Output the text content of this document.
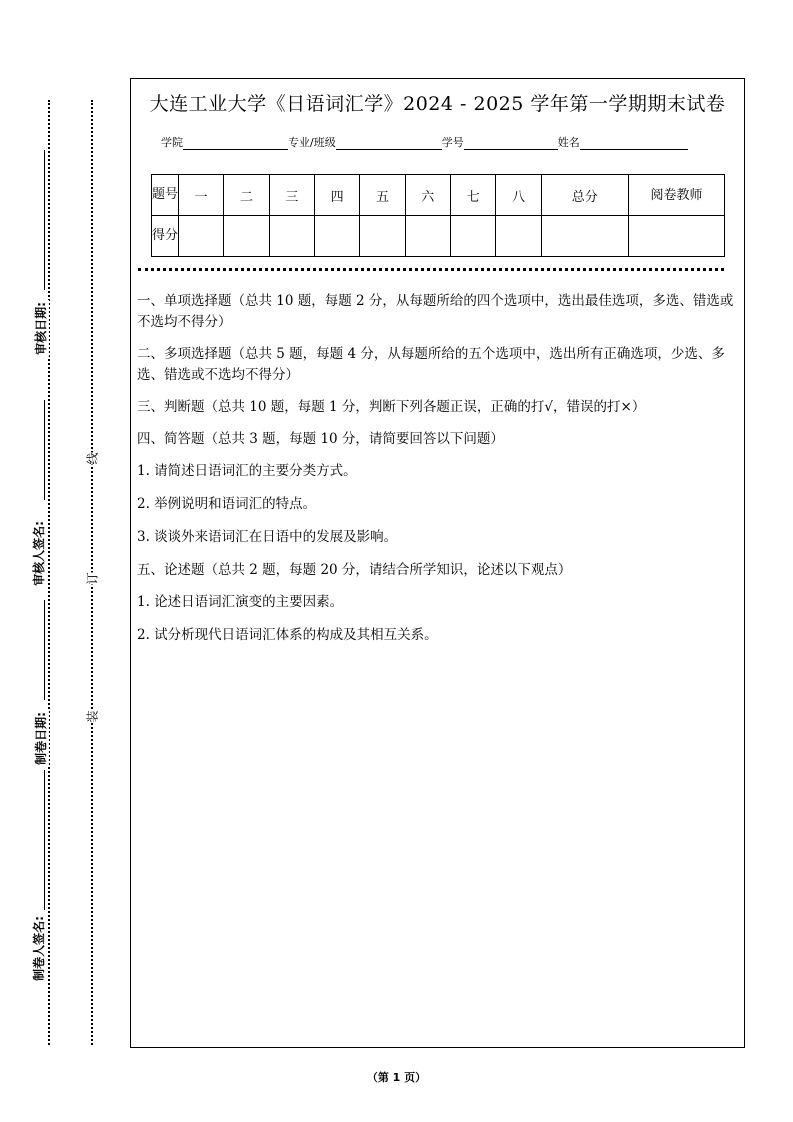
审核日期:
审核人签名:
制卷日期:
制卷人签名:
线
订
装
大连工业大学《日语词汇学》2024 - 2025 学年第一学期期末试卷
学院	专业/班级	学号	姓名
题号	一	二	三	四	五	六	七	八	总分	阅卷教师
得分										

一、单项选择题（总共 10 题，每题 2 分，从每题所给的四个选项中，选出最佳选项，多选、错选或不选均不得分）

二、多项选择题（总共 5 题，每题 4 分，从每题所给的五个选项中，选出所有正确选项，少选、多选、错选或不选均不得分）

三、判断题（总共 10 题，每题 1 分，判断下列各题正误，正确的打√，错误的打×）

四、简答题（总共 3 题，每题 10 分，请简要回答以下问题）

1. 请简述日语词汇的主要分类方式。

2. 举例说明和语词汇的特点。

3. 谈谈外来语词汇在日语中的发展及影响。

五、论述题（总共 2 题，每题 20 分，请结合所学知识，论述以下观点）

1. 论述日语词汇演变的主要因素。

2. 试分析现代日语词汇体系的构成及其相互关系。

（第 1 页）
